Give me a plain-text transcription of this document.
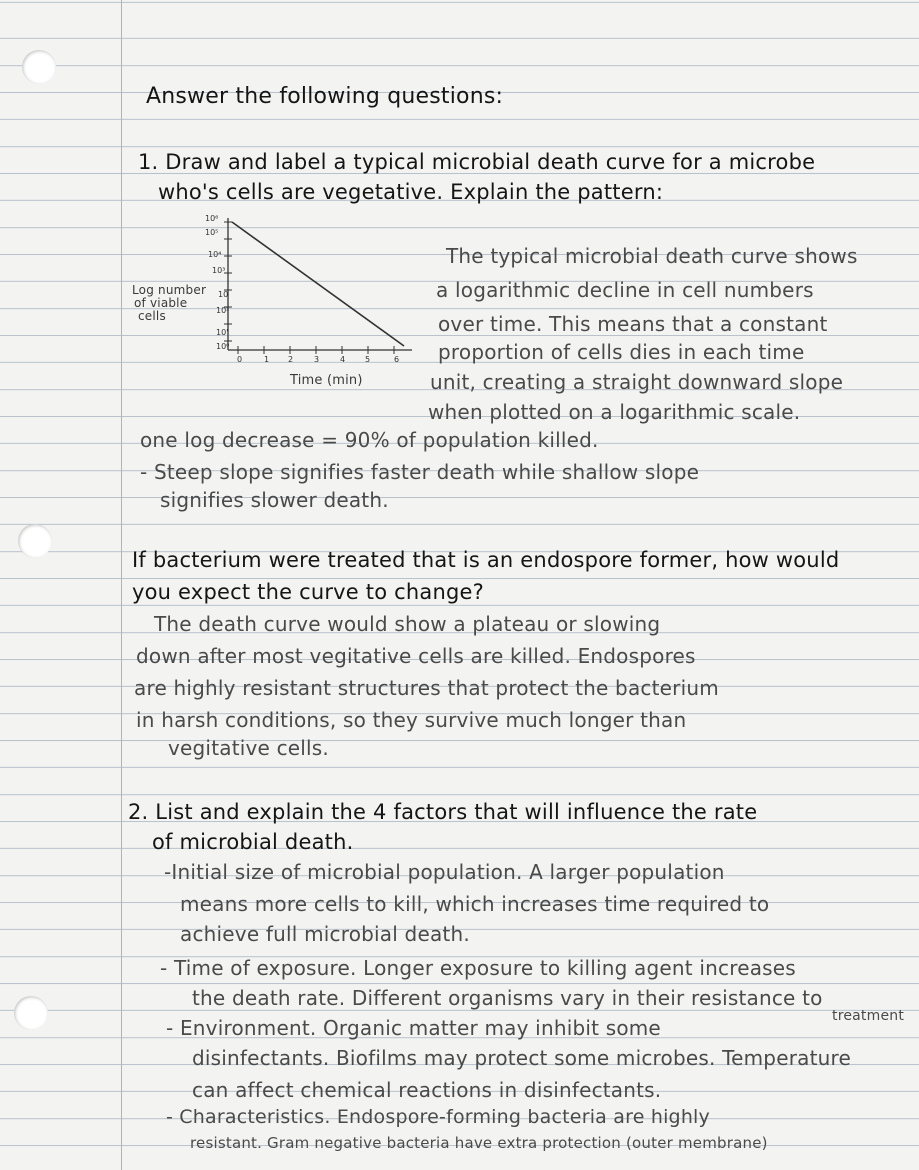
Answer the following questions:
1. Draw and label a typical microbial death curve for a microbe
who's cells are vegetative. Explain the pattern:
10⁶
10⁵
10⁴
10³
10
10²
10'
10⁰
0	1 2	3	4 5	6
Log number
of viable
cells
Time (min)
The typical microbial death curve shows
a logarithmic decline in cell numbers
over time. This means that a constant
proportion of cells dies in each time
unit, creating a straight downward slope
when plotted on a logarithmic scale.
one log decrease = 90% of population killed.
- Steep slope signifies faster death while shallow slope
signifies slower death.
If bacterium were treated that is an endospore former, how would
you expect the curve to change?
The death curve would show a plateau or slowing
down after most vegitative cells are killed. Endospores
are highly resistant structures that protect the bacterium
in harsh conditions, so they survive much longer than
vegitative cells.
2. List and explain the 4 factors that will influence the rate
of microbial death.
-Initial size of microbial population. A larger population
means more cells to kill, which increases time required to
achieve full microbial death.
- Time of exposure. Longer exposure to killing agent increases
the death rate. Different organisms vary in their resistance to
treatment
- Environment. Organic matter may inhibit some
disinfectants. Biofilms may protect some microbes. Temperature
can affect chemical reactions in disinfectants.
- Characteristics. Endospore-forming bacteria are highly
resistant. Gram negative bacteria have extra protection (outer membrane)
